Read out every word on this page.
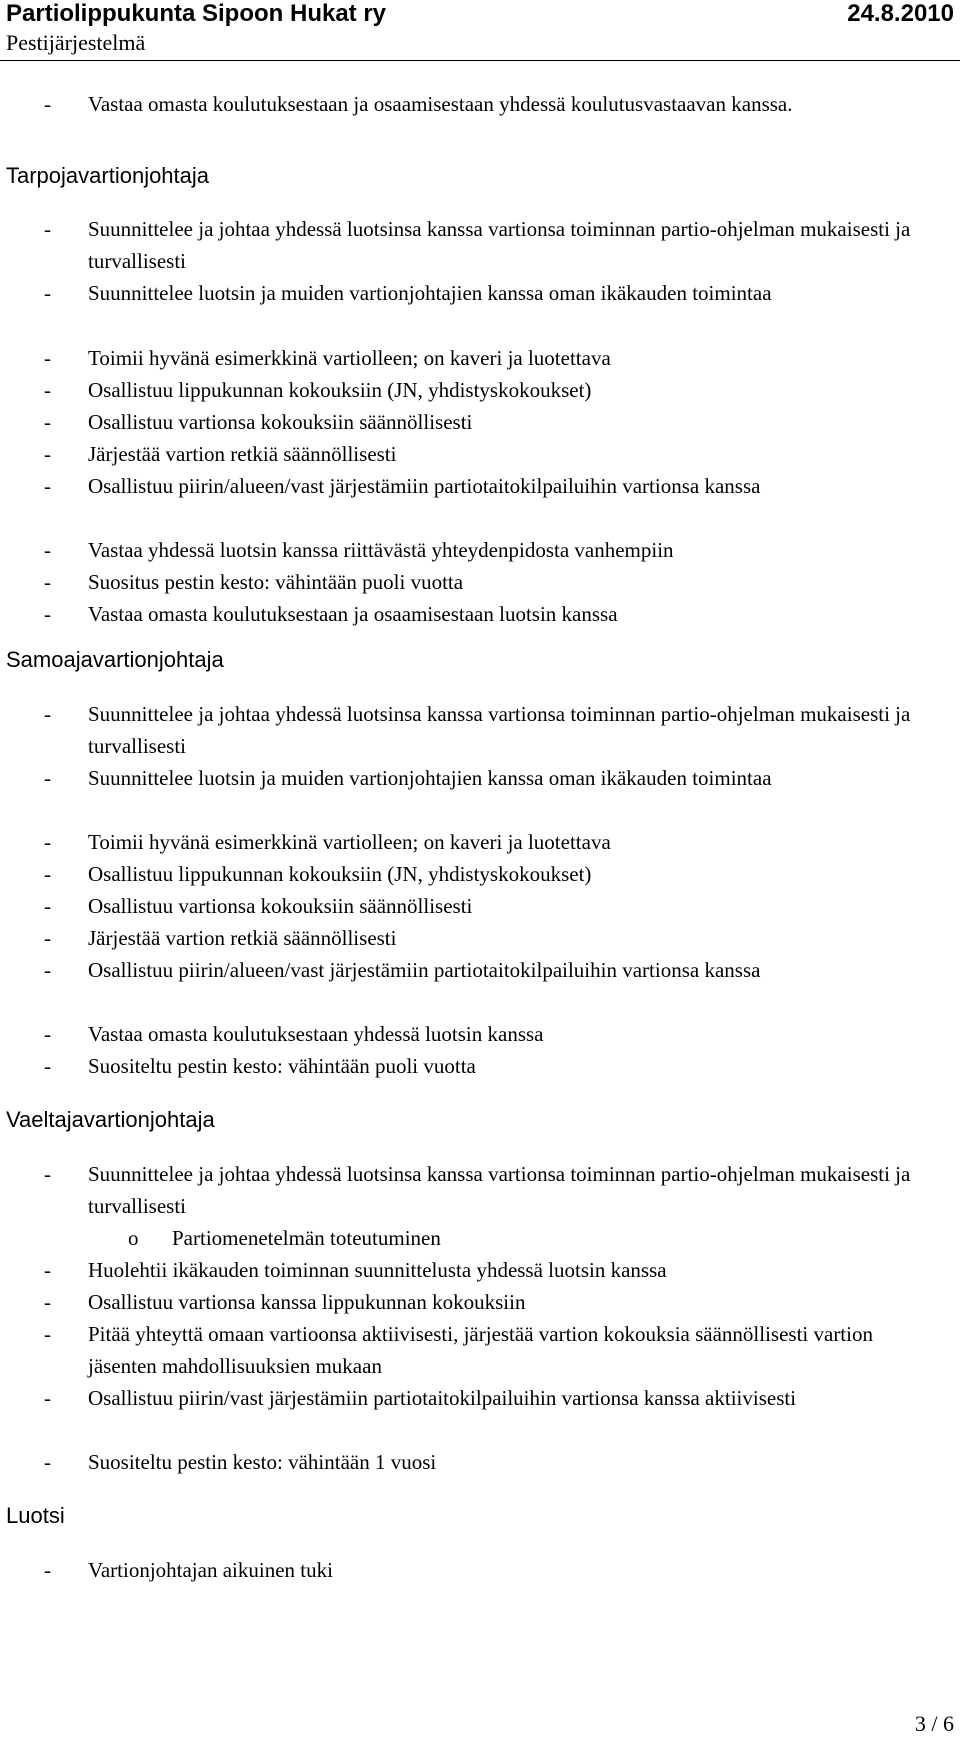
Partiolippukunta Sipoon Hukat ry	24.8.2010
Pestijärjestelmä
-	Vastaa omasta koulutuksestaan ja osaamisestaan yhdessä koulutusvastaavan kanssa.
Tarpojavartionjohtaja
-	Suunnittelee ja johtaa yhdessä luotsinsa kanssa vartionsa toiminnan partio-ohjelman mukaisesti ja turvallisesti
-	Suunnittelee luotsin ja muiden vartionjohtajien kanssa oman ikäkauden toimintaa
-	Toimii hyvänä esimerkkinä vartiolleen; on kaveri ja luotettava
-	Osallistuu lippukunnan kokouksiin (JN, yhdistyskokoukset)
-	Osallistuu vartionsa kokouksiin säännöllisesti
-	Järjestää vartion retkiä säännöllisesti
-	Osallistuu piirin/alueen/vast järjestämiin partiotaitokilpailuihin vartionsa kanssa
-	Vastaa yhdessä luotsin kanssa riittävästä yhteydenpidosta vanhempiin
-	Suositus pestin kesto: vähintään puoli vuotta
-	Vastaa omasta koulutuksestaan ja osaamisestaan luotsin kanssa
Samoajavartionjohtaja
-	Suunnittelee ja johtaa yhdessä luotsinsa kanssa vartionsa toiminnan partio-ohjelman mukaisesti ja turvallisesti
-	Suunnittelee luotsin ja muiden vartionjohtajien kanssa oman ikäkauden toimintaa
-	Toimii hyvänä esimerkkinä vartiolleen; on kaveri ja luotettava
-	Osallistuu lippukunnan kokouksiin (JN, yhdistyskokoukset)
-	Osallistuu vartionsa kokouksiin säännöllisesti
-	Järjestää vartion retkiä säännöllisesti
-	Osallistuu piirin/alueen/vast järjestämiin partiotaitokilpailuihin vartionsa kanssa
-	Vastaa omasta koulutuksestaan yhdessä luotsin kanssa
-	Suositeltu pestin kesto: vähintään puoli vuotta
Vaeltajavartionjohtaja
-	Suunnittelee ja johtaa yhdessä luotsinsa kanssa vartionsa toiminnan partio-ohjelman mukaisesti ja turvallisesti
o Partiomenetelmän toteutuminen
-	Huolehtii ikäkauden toiminnan suunnittelusta yhdessä luotsin kanssa
-	Osallistuu vartionsa kanssa lippukunnan kokouksiin
-	Pitää yhteyttä omaan vartioonsa aktiivisesti, järjestää vartion kokouksia säännöllisesti vartion jäsenten mahdollisuuksien mukaan
-	Osallistuu piirin/vast järjestämiin partiotaitokilpailuihin vartionsa kanssa aktiivisesti
-	Suositeltu pestin kesto: vähintään 1 vuosi
Luotsi
-	Vartionjohtajan aikuinen tuki
3 / 6
